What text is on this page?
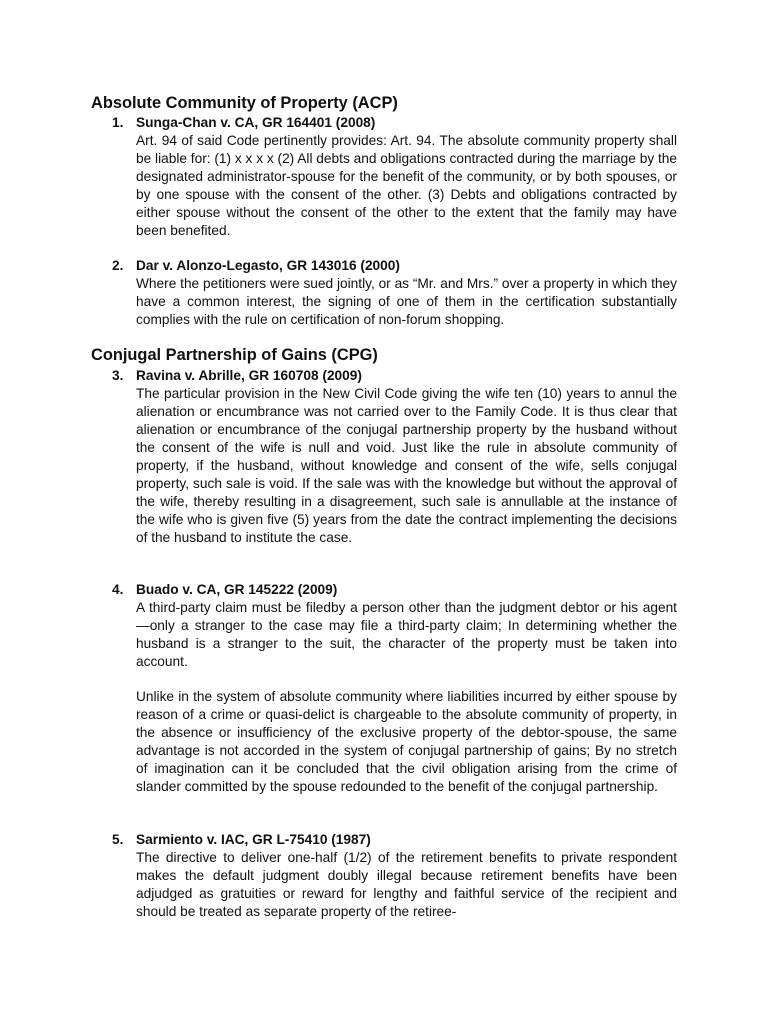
Absolute Community of Property (ACP)
1. Sunga-Chan v. CA, GR 164401 (2008)

Art. 94 of said Code pertinently provides: Art. 94. The absolute community property shall be liable for: (1) x x x x (2) All debts and obligations contracted during the marriage by the designated administrator-spouse for the benefit of the community, or by both spouses, or by one spouse with the consent of the other. (3) Debts and obligations contracted by either spouse without the consent of the other to the extent that the family may have been benefited.

2. Dar v. Alonzo-Legasto, GR 143016 (2000)

Where the petitioners were sued jointly, or as “Mr. and Mrs.” over a property in which they have a common interest, the signing of one of them in the certification substantially complies with the rule on certification of non-forum shopping.

Conjugal Partnership of Gains (CPG)
3. Ravina v. Abrille, GR 160708 (2009)

The particular provision in the New Civil Code giving the wife ten (10) years to annul the alienation or encumbrance was not carried over to the Family Code. It is thus clear that alienation or encumbrance of the conjugal partnership property by the husband without the consent of the wife is null and void. Just like the rule in absolute community of property, if the husband, without knowledge and consent of the wife, sells conjugal property, such sale is void. If the sale was with the knowledge but without the approval of the wife, thereby resulting in a disagreement, such sale is annullable at the instance of the wife who is given five (5) years from the date the contract implementing the decisions of the husband to institute the case.

4. Buado v. CA, GR 145222 (2009)

A third-party claim must be filedby a person other than the judgment debtor or his agent—only a stranger to the case may file a third-party claim; In determining whether the husband is a stranger to the suit, the character of the property must be taken into account.

Unlike in the system of absolute community where liabilities incurred by either spouse by reason of a crime or quasi-delict is chargeable to the absolute community of property, in the absence or insufficiency of the exclusive property of the debtor-spouse, the same advantage is not accorded in the system of conjugal partnership of gains; By no stretch of imagination can it be concluded that the civil obligation arising from the crime of slander committed by the spouse redounded to the benefit of the conjugal partnership.

5. Sarmiento v. IAC, GR L-75410 (1987)

The directive to deliver one-half (1/2) of the retirement benefits to private respondent makes the default judgment doubly illegal because retirement benefits have been adjudged as gratuities or reward for lengthy and faithful service of the recipient and should be treated as separate property of the retiree-
